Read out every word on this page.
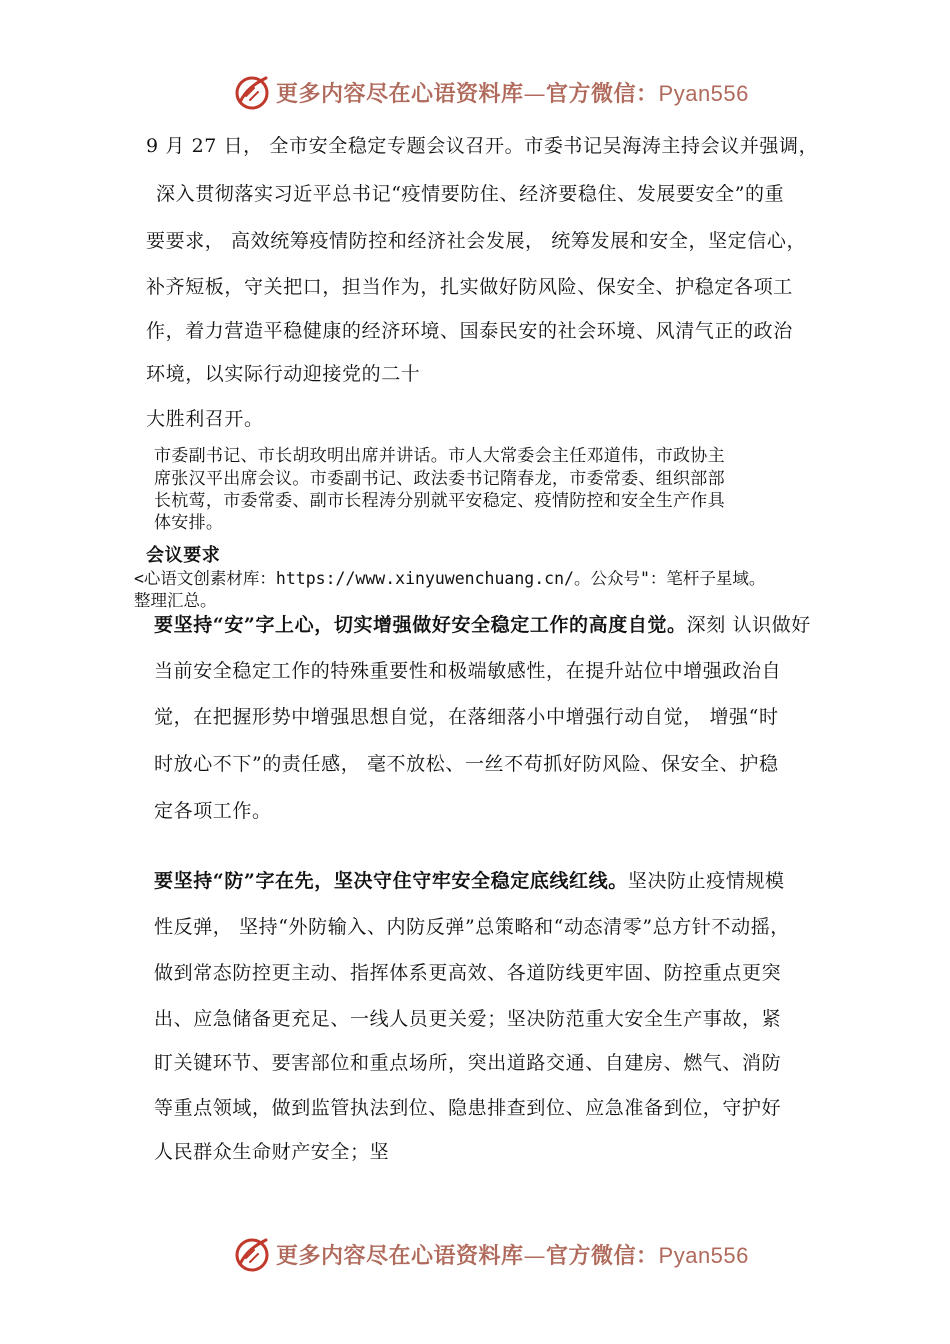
更多内容尽在心语资料库—官方微信：Pyan556
9 月 27 日， 全市安全稳定专题会议召开。市委书记吴海涛主持会议并强调，
深入贯彻落实习近平总书记“疫情要防住、经济要稳住、发展要安全”的重
要要求， 高效统筹疫情防控和经济社会发展， 统筹发展和安全，坚定信心，
补齐短板，守关把口，担当作为，扎实做好防风险、保安全、护稳定各项工
作，着力营造平稳健康的经济环境、国泰民安的社会环境、风清气正的政治
环境，以实际行动迎接党的二十
大胜利召开。
市委副书记、市长胡玫明出席并讲话。市人大常委会主任邓道伟，市政协主
席张汉平出席会议。市委副书记、政法委书记隋春龙，市委常委、组织部部
长杭莺，市委常委、副市长程涛分别就平安稳定、疫情防控和安全生产作具
体安排。
会议要求
<心语文创素材库：https://www.xinyuwenchuang.cn/。公众号"：笔杆子星域。
整理汇总。
要坚持“安”字上心，切实增强做好安全稳定工作的高度自觉。深刻 认识做好
当前安全稳定工作的特殊重要性和极端敏感性，在提升站位中增强政治自
觉，在把握形势中增强思想自觉，在落细落小中增强行动自觉， 增强“时
时放心不下”的责任感， 毫不放松、一丝不苟抓好防风险、保安全、护稳
定各项工作。
要坚持“防”字在先，坚决守住守牢安全稳定底线红线。坚决防止疫情规模
性反弹， 坚持“外防输入、内防反弹”总策略和“动态清零”总方针不动摇，
做到常态防控更主动、指挥体系更高效、各道防线更牢固、防控重点更突
出、应急储备更充足、一线人员更关爱；坚决防范重大安全生产事故，紧
盯关键环节、要害部位和重点场所，突出道路交通、自建房、燃气、消防
等重点领域，做到监管执法到位、隐患排查到位、应急准备到位，守护好
人民群众生命财产安全；坚
更多内容尽在心语资料库—官方微信：Pyan556
